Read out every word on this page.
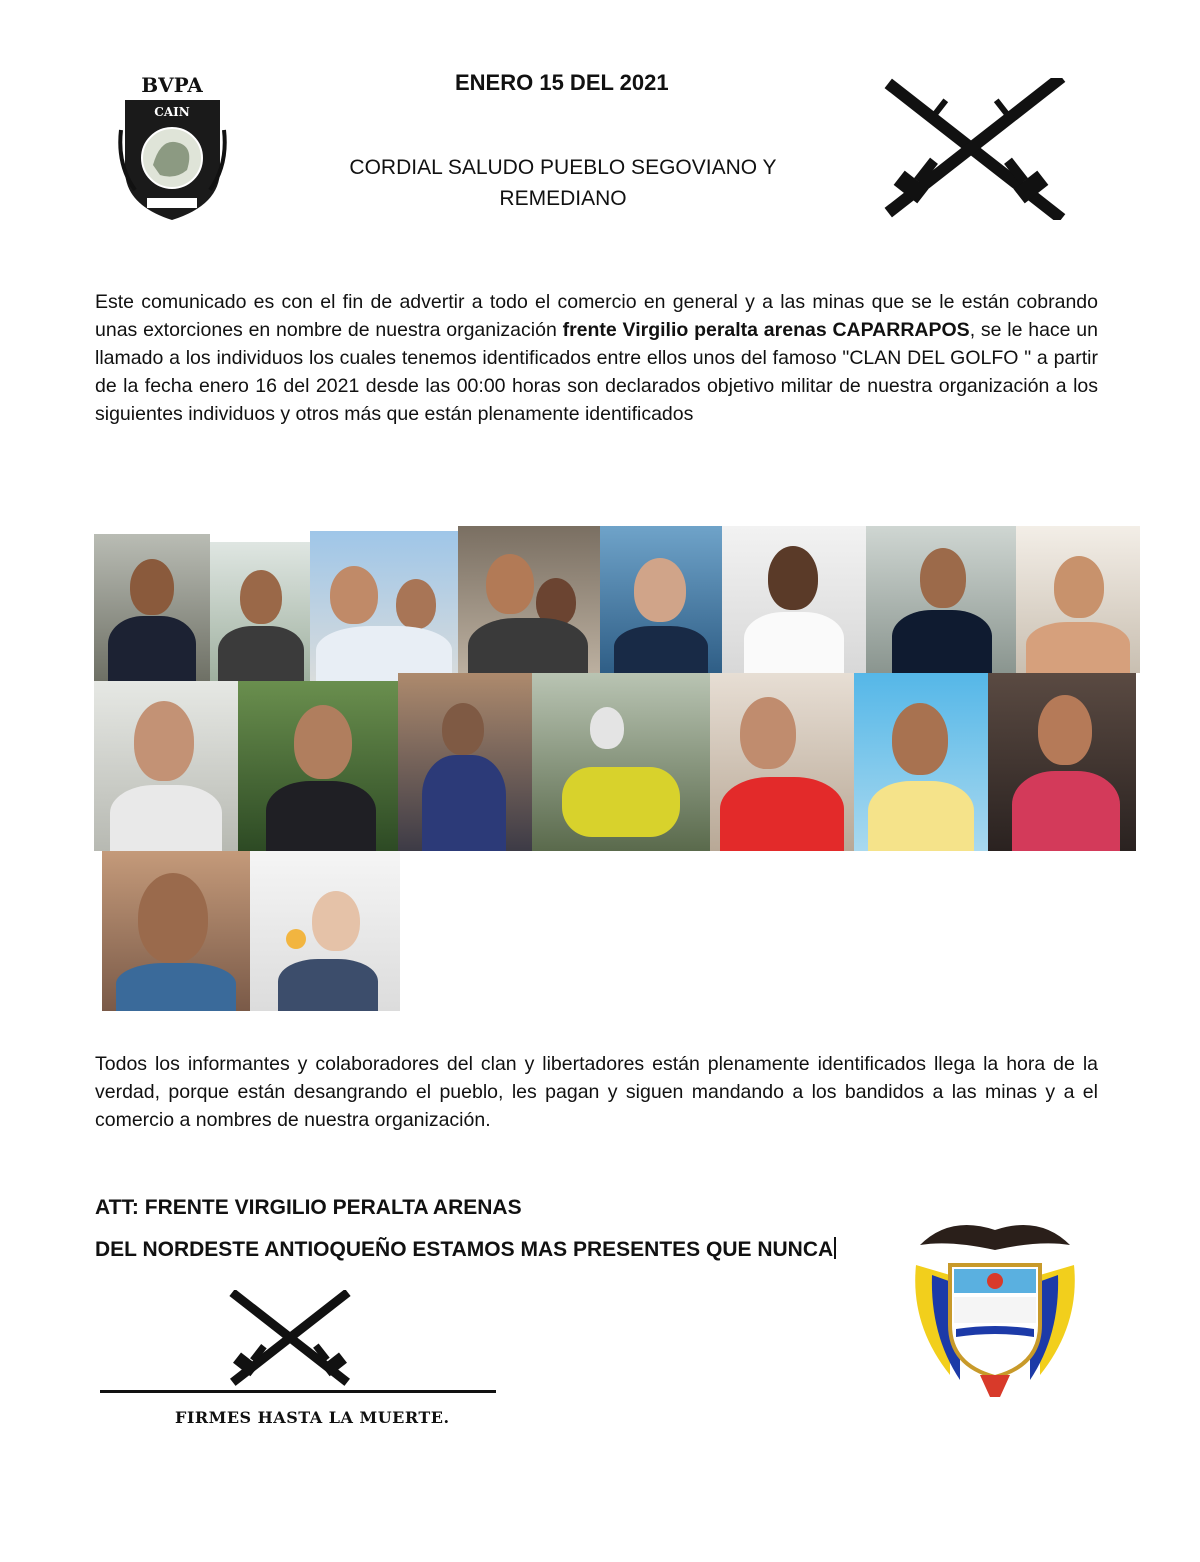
BVPA
CAIN
ENERO 15 DEL 2021
CORDIAL SALUDO PUEBLO SEGOVIANO Y REMEDIANO
Este comunicado es con el fin de advertir a todo el comercio en general y a las minas que se le están cobrando unas extorciones en nombre de nuestra organización frente Virgilio peralta arenas CAPARRAPOS, se le hace un llamado a los individuos los cuales tenemos identificados entre ellos unos del famoso "CLAN DEL GOLFO " a partir de la fecha enero 16 del 2021 desde las 00:00 horas son declarados objetivo militar de nuestra organización a los siguientes individuos y otros más que están plenamente identificados
Todos los informantes y colaboradores del clan y libertadores están plenamente identificados llega la hora de la verdad, porque están desangrando el pueblo, les pagan y siguen mandando a los bandidos a las minas y a el comercio a nombres de nuestra organización.
ATT: FRENTE VIRGILIO PERALTA ARENAS
DEL NORDESTE ANTIOQUEÑO ESTAMOS MAS PRESENTES QUE NUNCA
FIRMES HASTA LA MUERTE.
